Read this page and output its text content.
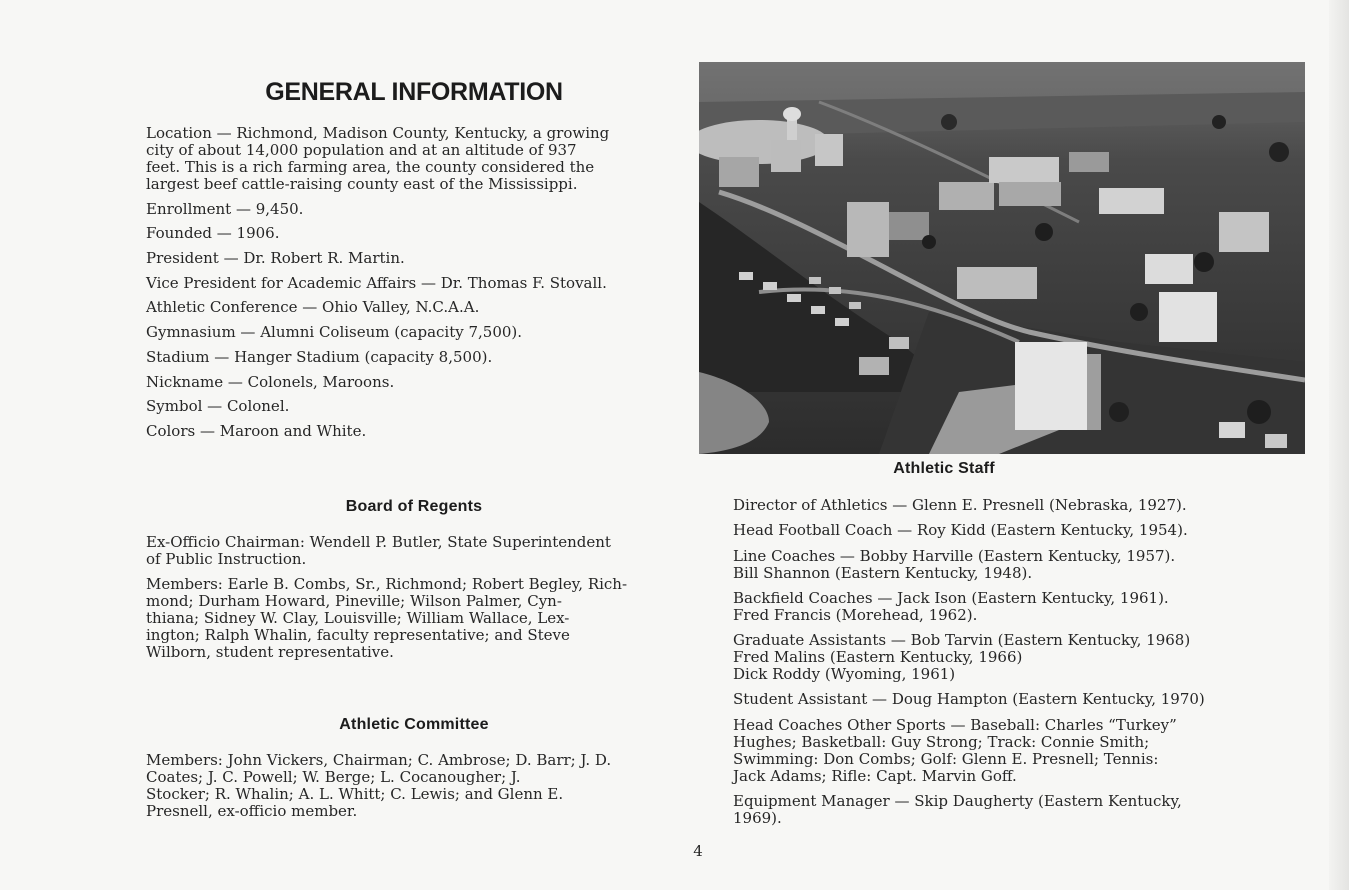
GENERAL INFORMATION

Location — Richmond, Madison County, Kentucky, a growing
city of about 14,000 population and at an altitude of 937
feet. This is a rich farming area, the county considered the
largest beef cattle-raising county east of the Mississippi.

Enrollment — 9,450.

Founded — 1906.

President — Dr. Robert R. Martin.

Vice President for Academic Affairs — Dr. Thomas F. Stovall.

Athletic Conference — Ohio Valley, N.C.A.A.

Gymnasium — Alumni Coliseum (capacity 7,500).

Stadium — Hanger Stadium (capacity 8,500).

Nickname — Colonels, Maroons.

Symbol — Colonel.

Colors — Maroon and White.

Board of Regents

Ex-Officio Chairman: Wendell P. Butler, State Superintendent
of Public Instruction.

Members: Earle B. Combs, Sr., Richmond; Robert Begley, Rich-
mond; Durham Howard, Pineville; Wilson Palmer, Cyn-
thiana; Sidney W. Clay, Louisville; William Wallace, Lex-
ington; Ralph Whalin, faculty representative; and Steve
Wilborn, student representative.

Athletic Committee

Members: John Vickers, Chairman; C. Ambrose; D. Barr; J. D.
Coates; J. C. Powell; W. Berge; L. Cocanougher; J.
Stocker; R. Whalin; A. L. Whitt; C. Lewis; and Glenn E.
Presnell, ex-officio member.

Athletic Staff

Director of Athletics — Glenn E. Presnell (Nebraska, 1927).

Head Football Coach — Roy Kidd (Eastern Kentucky, 1954).

Line Coaches — Bobby Harville (Eastern Kentucky, 1957).
Bill Shannon (Eastern Kentucky, 1948).

Backfield Coaches — Jack Ison (Eastern Kentucky, 1961).
Fred Francis (Morehead, 1962).

Graduate Assistants — Bob Tarvin (Eastern Kentucky, 1968)
Fred Malins (Eastern Kentucky, 1966)
Dick Roddy (Wyoming, 1961)

Student Assistant — Doug Hampton (Eastern Kentucky, 1970)

Head Coaches Other Sports — Baseball: Charles “Turkey”
Hughes; Basketball: Guy Strong; Track: Connie Smith;
Swimming: Don Combs; Golf: Glenn E. Presnell; Tennis:
Jack Adams; Rifle: Capt. Marvin Goff.

Equipment Manager — Skip Daugherty (Eastern Kentucky,
1969).

4
